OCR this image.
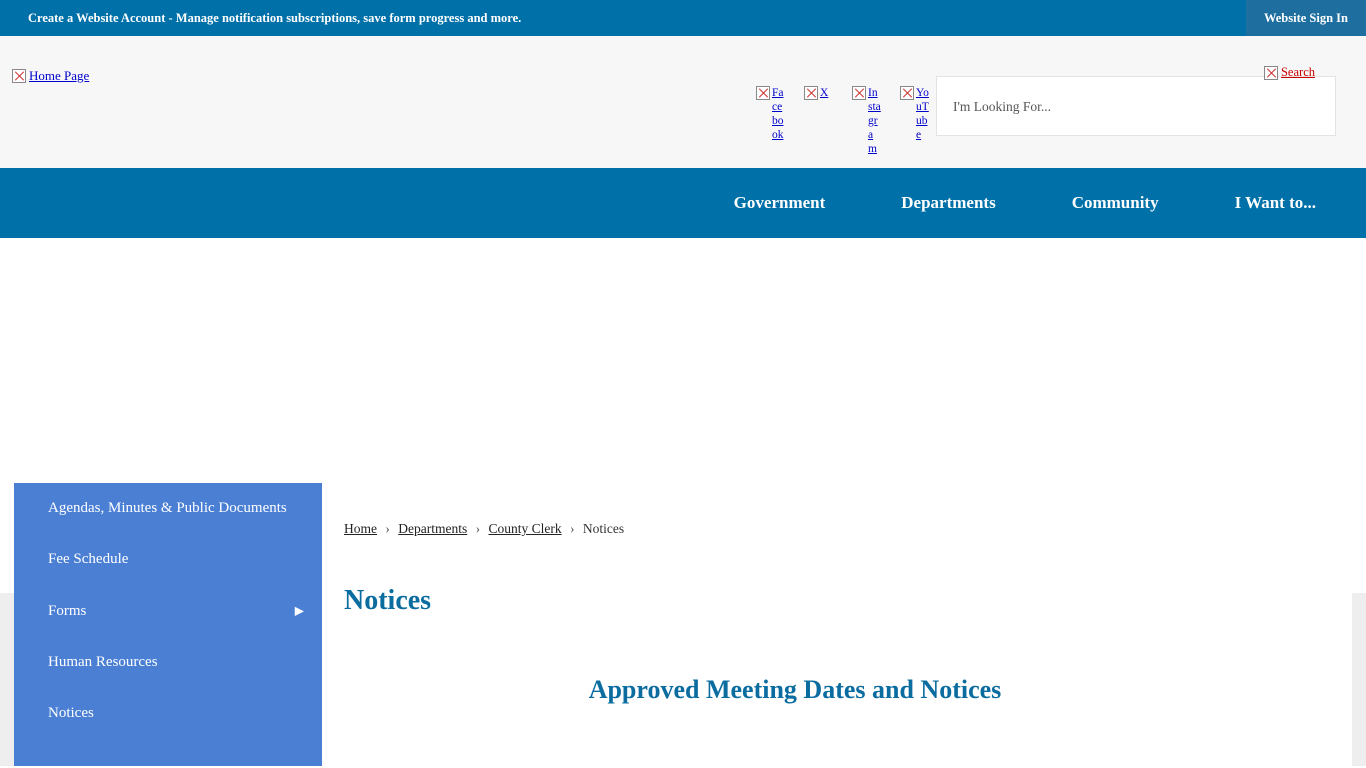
Create a Website Account - Manage notification subscriptions, save form progress and more.	Website Sign In
Home Page
Facebook
X	Instagram
YouTube
I'm Looking For...
Search
Government	Departments	Community	I Want to...
Agendas, Minutes & Public Documents
Fee Schedule
Forms	▶
Human Resources
Notices
Home › Departments › County Clerk › Notices
Notices
Approved Meeting Dates and Notices
